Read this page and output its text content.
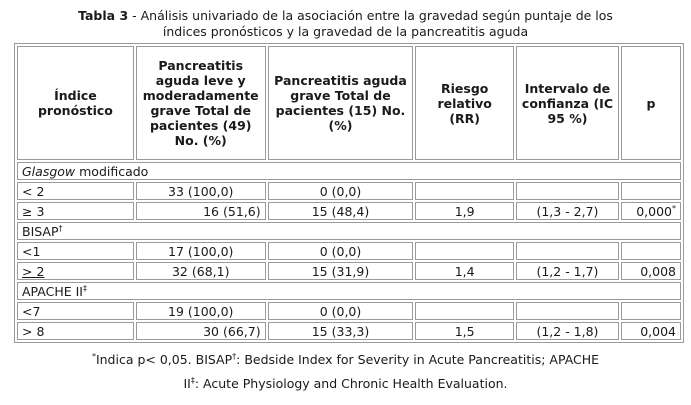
Tabla 3 - Análisis univariado de la asociación entre la gravedad según puntaje de los
índices pronósticos y la gravedad de la pancreatitis aguda
Índice pronóstico	Pancreatitis aguda leve y moderadamente grave Total de pacientes (49) No. (%)	Pancreatitis aguda grave Total de pacientes (15) No. (%)	Riesgo relativo (RR)	Intervalo de confianza (IC 95 %)	p
Glasgow modificado					
< 2	33 (100,0)	0 (0,0)			
≥ 3	16 (51,6)	15 (48,4)	1,9	(1,3 - 2,7)	0,000*
BISAP†
<1	17 (100,0)	0 (0,0)			
> 2	32 (68,1)	15 (31,9)	1,4	(1,2 - 1,7)	0,008
APACHE II‡
<7	19 (100,0)	0 (0,0)			
> 8	30 (66,7)	15 (33,3)	1,5	(1,2 - 1,8)	0,004
*Indica p< 0,05. BISAP†: Bedside Index for Severity in Acute Pancreatitis; APACHE
II‡: Acute Physiology and Chronic Health Evaluation.
